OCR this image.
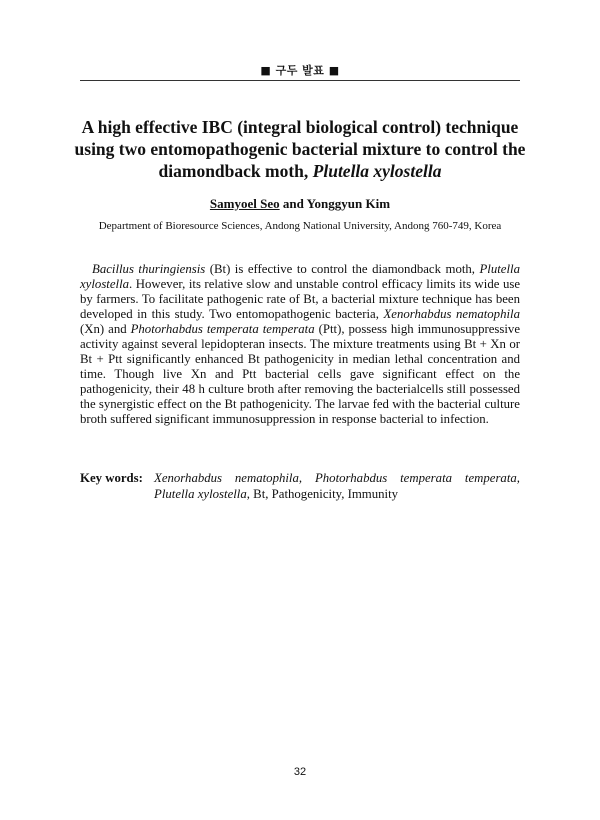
■ 구두 발표 ■
A high effective IBC (integral biological control) technique using two entomopathogenic bacterial mixture to control the diamondback moth, Plutella xylostella
Samyoel Seo and Yonggyun Kim
Department of Bioresource Sciences, Andong National University, Andong 760-749, Korea

Bacillus thuringiensis (Bt) is effective to control the diamondback moth, Plutella xylostella. However, its relative slow and unstable control efficacy limits its wide use by farmers. To facilitate pathogenic rate of Bt, a bacterial mixture technique has been developed in this study. Two entomopathogenic bacteria, Xenorhabdus nematophila (Xn) and Photorhabdus temperata temperata (Ptt), possess high immunosuppressive activity against several lepidopteran insects. The mixture treatments using Bt + Xn or Bt + Ptt significantly enhanced Bt pathogenicity in median lethal concentration and time. Though live Xn and Ptt bacterial cells gave significant effect on the pathogenicity, their 48 h culture broth after removing the bacterialcells still possessed the synergistic effect on the Bt pathogenicity. The larvae fed with the bacterial culture broth suffered significant immunosuppression in response bacterial to infection.

Key words: Xenorhabdus nematophila, Photorhabdus temperata temperata, Plutella xylostella, Bt, Pathogenicity, Immunity
32
